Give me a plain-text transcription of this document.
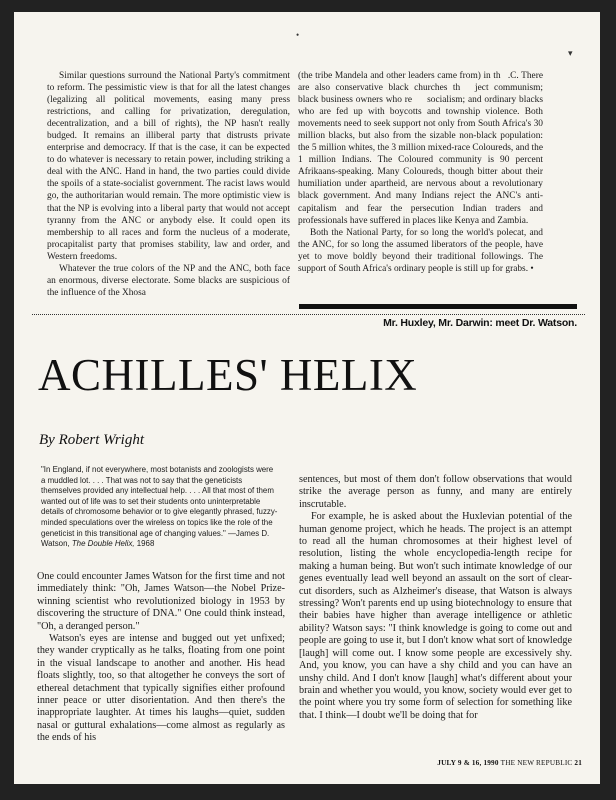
•
▾

Similar questions surround the National Party's commitment to reform. The pessimistic view is that for all the latest changes (legalizing all political movements, easing many press restrictions, and calling for privatization, deregulation, decentralization, and a bill of rights), the NP hasn't really budged. It remains an illiberal party that distrusts private enterprise and democracy. If that is the case, it can be expected to do whatever is necessary to retain power, including striking a deal with the ANC. Hand in hand, the two parties could divide the spoils of a state-socialist government. The racist laws would go, the authoritarian would remain. The more optimistic view is that the NP is evolving into a liberal party that would not accept tyranny from the ANC or anybody else. It could open its membership to all races and form the nucleus of a moderate, procapitalist party that promises stability, law and order, and Western freedoms.

Whatever the true colors of the NP and the ANC, both face an enormous, diverse electorate. Some blacks are suspicious of the influence of the Xhosa

(the tribe Mandela and other leaders came from) in th  .C. There are also conservative black churches th   ject communism; black business owners who re    socialism; and ordinary blacks who are fed up with boycotts and township violence. Both movements need to seek support not only from South Africa's 30 million blacks, but also from the sizable non-black population: the 5 million whites, the 3 million mixed-race Coloureds, and the 1 million Indians. The Coloured community is 90 percent Afrikaans-speaking. Many Coloureds, though bitter about their humiliation under apartheid, are nervous about a revolutionary black government. And many Indians reject the ANC's anti-capitalism and fear the persecution Indian traders and professionals have suffered in places like Kenya and Zambia.

Both the National Party, for so long the world's polecat, and the ANC, for so long the assumed liberators of the people, have yet to move boldly beyond their traditional followings. The support of South Africa's ordinary people is still up for grabs. •

Mr. Huxley, Mr. Darwin: meet Dr. Watson.
ACHILLES' HELIX
By Robert Wright
"In England, if not everywhere, most botanists and zoologists were a muddled lot. . . . That was not to say that the geneticists themselves provided any intellectual help. . . . All that most of them wanted out of life was to set their students onto uninterpretable details of chromosome behavior or to give elegantly phrased, fuzzy-minded speculations over the wireless on topics like the role of the geneticist in this transitional age of changing values." —James D. Watson, The Double Helix, 1968

One could encounter James Watson for the first time and not immediately think: "Oh, James Watson—the Nobel Prize-winning scientist who revolutionized biology in 1953 by discovering the structure of DNA." One could think instead, "Oh, a deranged person."

Watson's eyes are intense and bugged out yet unfixed; they wander cryptically as he talks, floating from one point in the visual landscape to another and another. His head floats slightly, too, so that altogether he conveys the sort of ethereal detachment that typically signifies either profound inner peace or utter disorientation. And then there's the inappropriate laughter. At times his laughs—quiet, sudden nasal or guttural exhalations—come almost as regularly as the ends of his

sentences, but most of them don't follow observations that would strike the average person as funny, and many are entirely inscrutable.

For example, he is asked about the Huxlevian potential of the human genome project, which he heads. The project is an attempt to read all the human chromosomes at their highest level of resolution, listing the whole encyclopedia-length recipe for making a human being. But won't such intimate knowledge of our genes eventually lead well beyond an assault on the sort of clear-cut disorders, such as Alzheimer's disease, that Watson is always stressing? Won't parents end up using biotechnology to ensure that their babies have higher than average intelligence or athletic ability? Watson says: "I think knowledge is going to come out and people are going to use it, but I don't know what sort of knowledge [laugh] will come out. I know some people are excessively shy. And, you know, you can have a shy child and you can have an unshy child. And I don't know [laugh] what's different about your brain and whether you would, you know, society would ever get to the point where you try some form of selection for something like that. I think—I doubt we'll be doing that for

JULY 9 & 16, 1990 THE NEW REPUBLIC 21
